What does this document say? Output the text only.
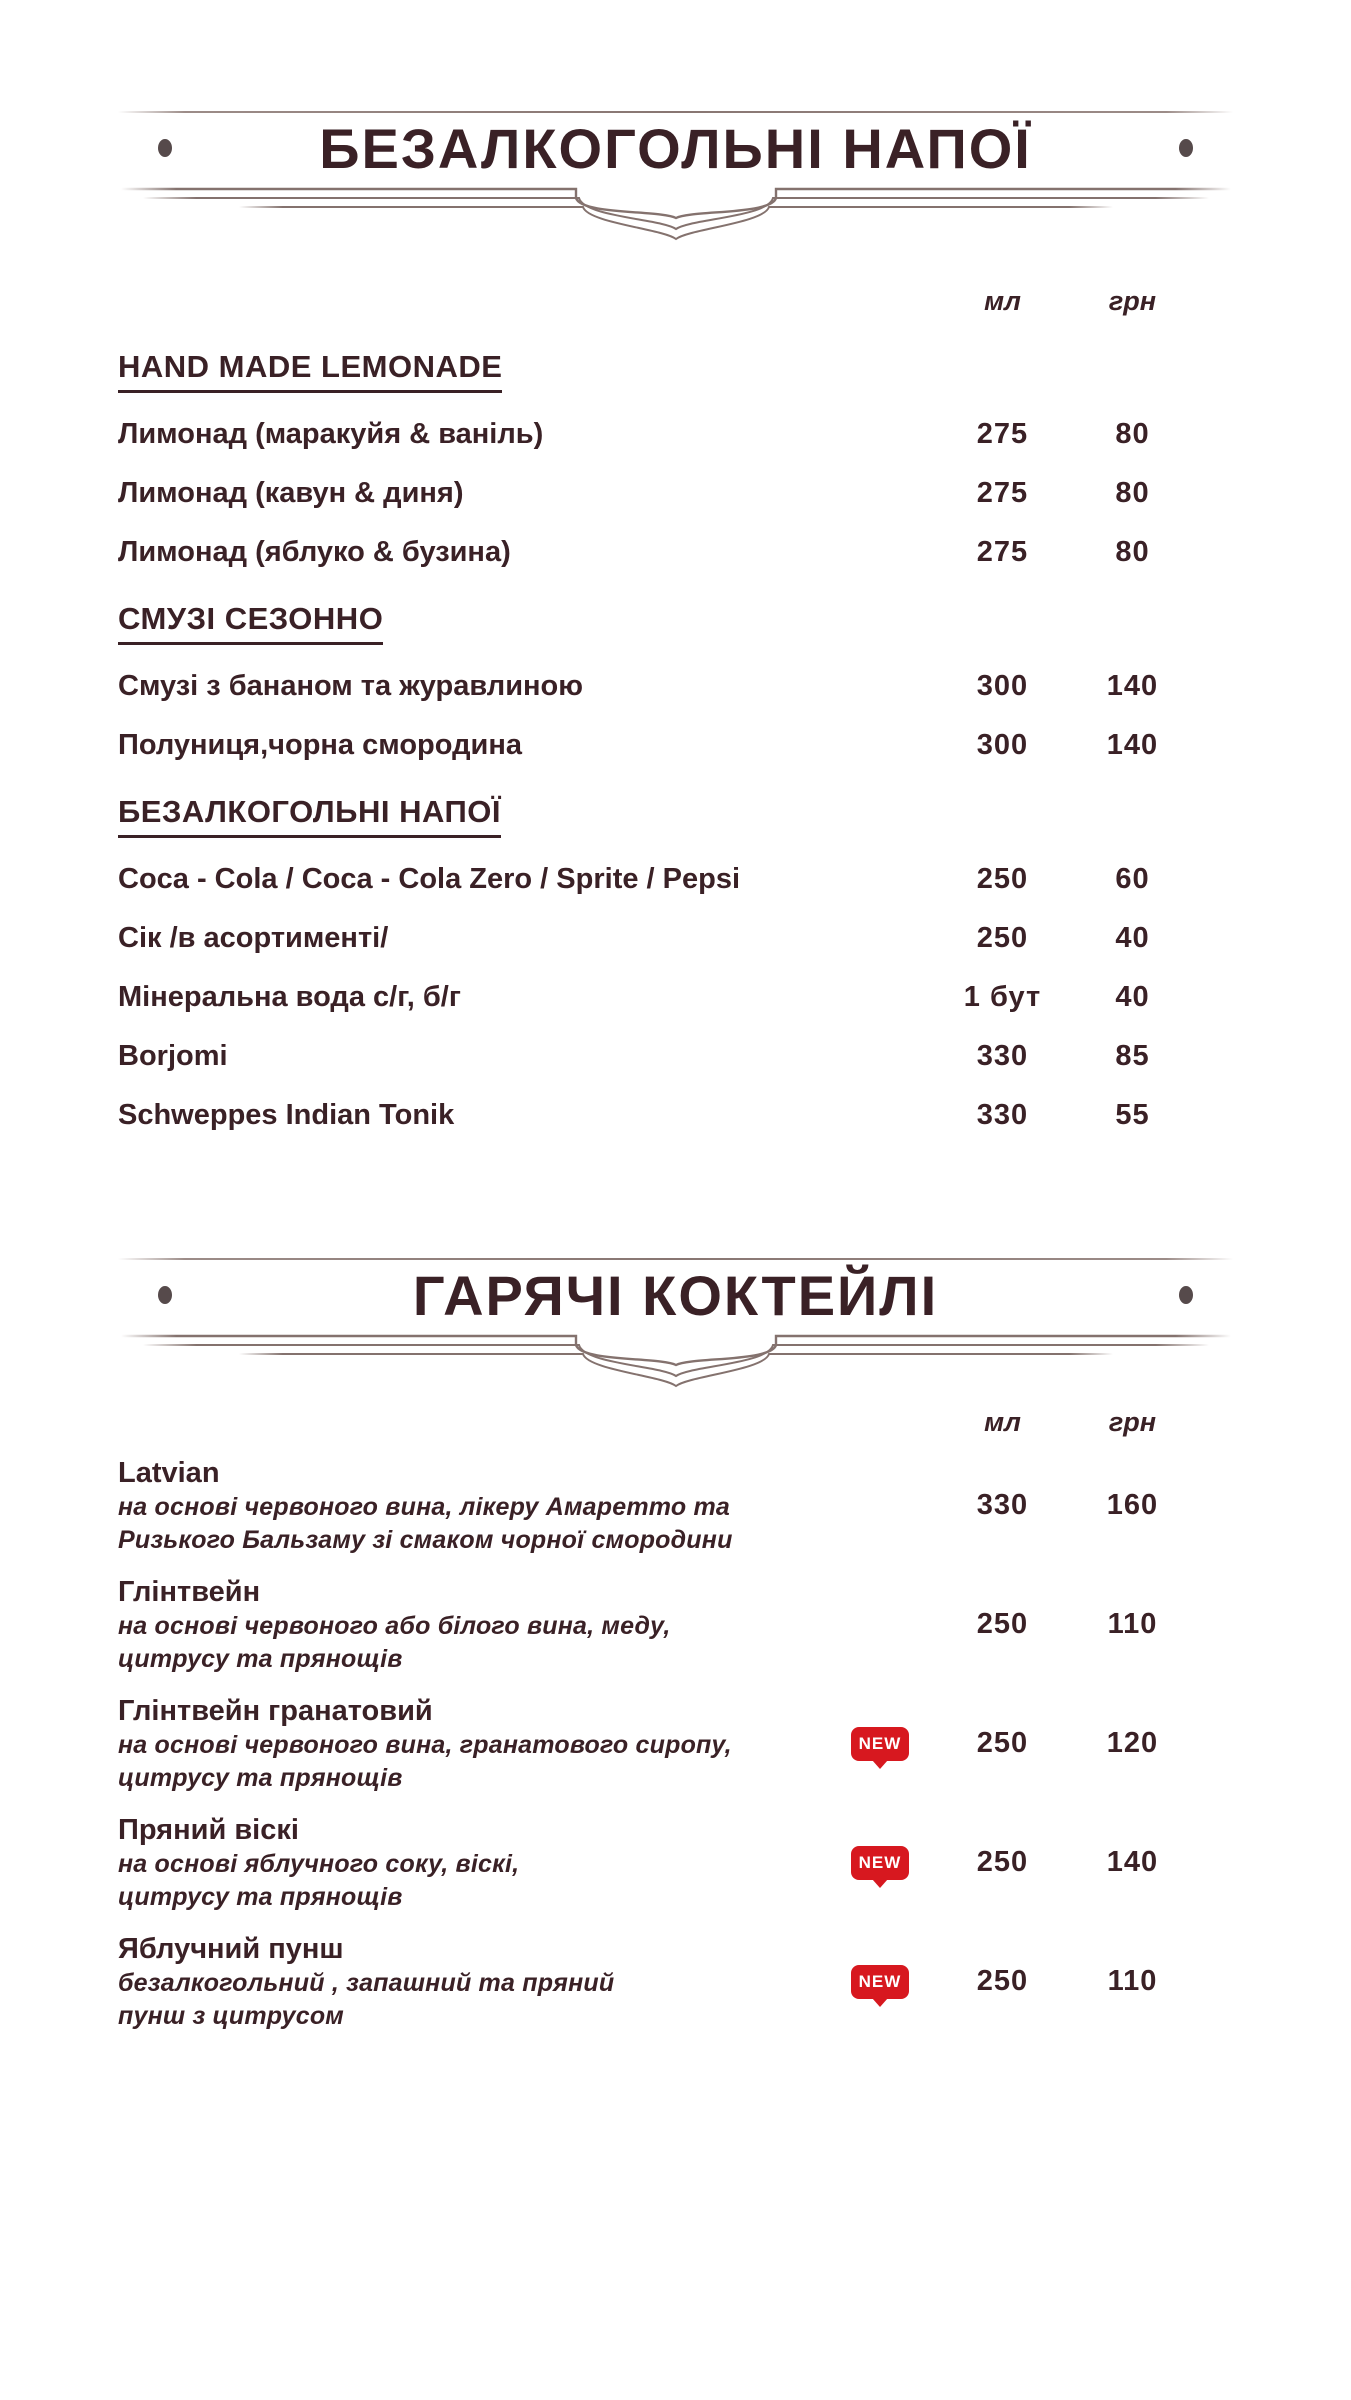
БЕЗАЛКОГОЛЬНІ НАПОЇ
мл	грн
HAND MADE LEMONADE
Лимонад (маракуйя & ваніль)	275	80
Лимонад (кавун & диня)	275	80
Лимонад (яблуко & бузина)	275	80
СМУЗІ СЕЗОННО
Смузі з бананом та журавлиною	300	140
Полуниця,чорна смородина	300	140
БЕЗАЛКОГОЛЬНІ НАПОЇ
Coca - Cola / Coca - Cola Zero / Sprite / Pepsi	250	60
Сік /в асортименті/	250	40
Мінеральна вода с/г, б/г	1 бут	40
Borjomi	330	85
Schweppes Indian Tonik	330	55
ГАРЯЧІ КОКТЕЙЛІ
мл	грн
Latvian
на основі червоного вина, лікеру Амаретто та
Ризького Бальзаму зі смаком чорної смородини
330	160
Глінтвейн
на основі червоного або білого вина, меду,
цитрусу та прянощів
250	110
Глінтвейн гранатовий
на основі червоного вина, гранатового сиропу,
цитрусу та прянощів
250	120
NEW
Пряний віскі
на основі яблучного соку, віскі,
цитрусу та прянощів
250	140
NEW
Яблучний пунш
безалкогольний , запашний та пряний
пунш з цитрусом
250	110
NEW
